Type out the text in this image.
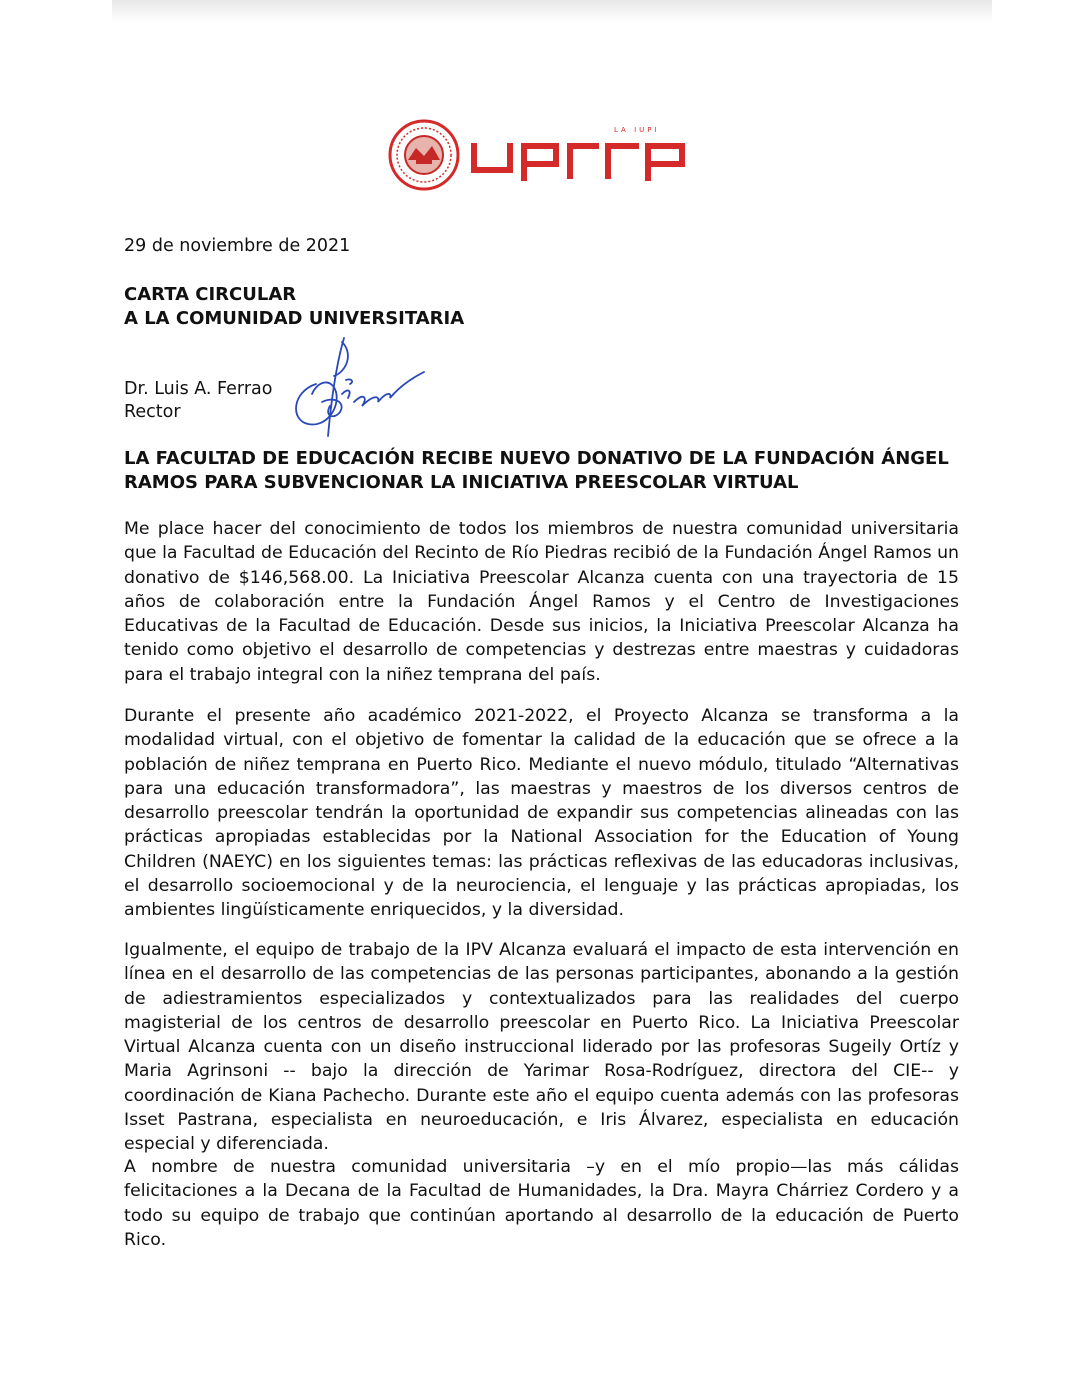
LA IUPI
29 de noviembre de 2021
CARTA CIRCULAR
A LA COMUNIDAD UNIVERSITARIA
Dr. Luis A. Ferrao
Rector
LA FACULTAD DE EDUCACIÓN RECIBE NUEVO DONATIVO DE LA FUNDACIÓN ÁNGEL RAMOS PARA SUBVENCIONAR LA INICIATIVA PREESCOLAR VIRTUAL

Me place hacer del conocimiento de todos los miembros de nuestra comunidad universitaria que la Facultad de Educación del Recinto de Río Piedras recibió de la Fundación Ángel Ramos un donativo de $146,568.00. La Iniciativa Preescolar Alcanza cuenta con una trayectoria de 15 años de colaboración entre la Fundación Ángel Ramos y el Centro de Investigaciones Educativas de la Facultad de Educación. Desde sus inicios, la Iniciativa Preescolar Alcanza ha tenido como objetivo el desarrollo de competencias y destrezas entre maestras y cuidadoras para el trabajo integral con la niñez temprana del país.

Durante el presente año académico 2021-2022, el Proyecto Alcanza se transforma a la modalidad virtual, con el objetivo de fomentar la calidad de la educación que se ofrece a la población de niñez temprana en Puerto Rico. Mediante el nuevo módulo, titulado “Alternativas para una educación transformadora”, las maestras y maestros de los diversos centros de desarrollo preescolar tendrán la oportunidad de expandir sus competencias alineadas con las prácticas apropiadas establecidas por la National Association for the Education of Young Children (NAEYC) en los siguientes temas: las prácticas reflexivas de las educadoras inclusivas, el desarrollo socioemocional y de la neurociencia, el lenguaje y las prácticas apropiadas, los ambientes lingüísticamente enriquecidos, y la diversidad.

Igualmente, el equipo de trabajo de la IPV Alcanza evaluará el impacto de esta intervención en línea en el desarrollo de las competencias de las personas participantes, abonando a la gestión de adiestramientos especializados y contextualizados para las realidades del cuerpo magisterial de los centros de desarrollo preescolar en Puerto Rico. La Iniciativa Preescolar Virtual Alcanza cuenta con un diseño instruccional liderado por las profesoras Sugeily Ortíz y Maria Agrinsoni -- bajo la dirección de Yarimar Rosa-Rodríguez, directora del CIE-- y coordinación de Kiana Pachecho. Durante este año el equipo cuenta además con las profesoras Isset Pastrana, especialista en neuroeducación, e Iris Álvarez, especialista en educación especial y diferenciada.

A nombre de nuestra comunidad universitaria –y en el mío propio—las más cálidas felicitaciones a la Decana de la Facultad de Humanidades, la Dra. Mayra Chárriez Cordero y a todo su equipo de trabajo que continúan aportando al desarrollo de la educación de Puerto Rico.
